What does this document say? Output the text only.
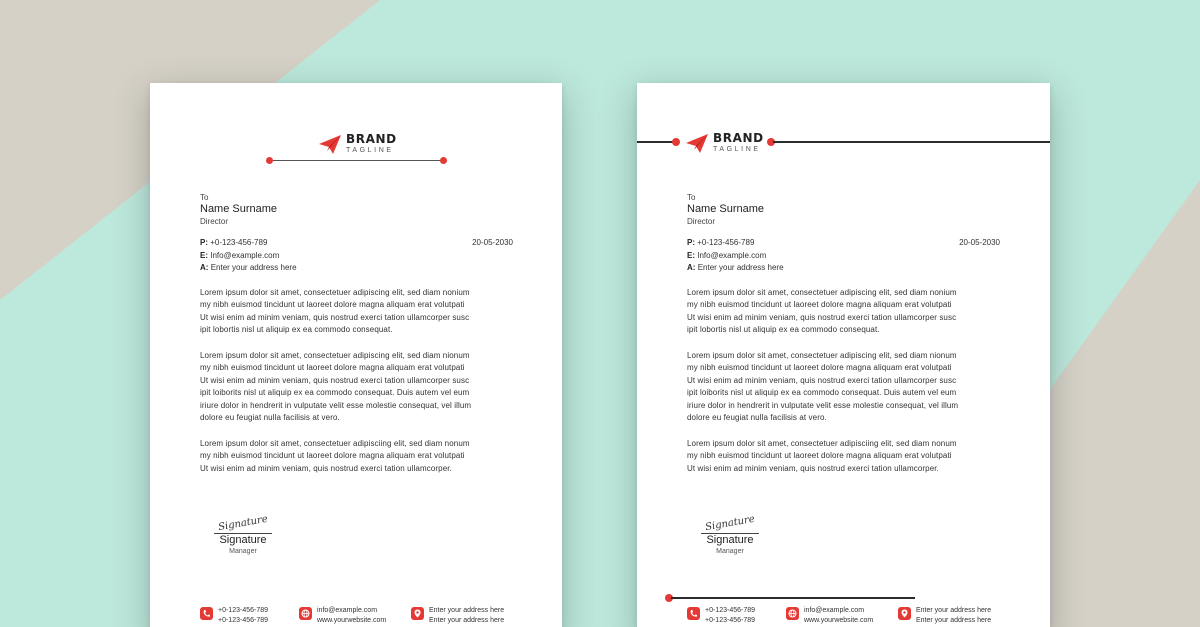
BRAND
TAGLINE
To
Name Surname
Director
P: +0-123-456-789
E: Info@example.com
A: Enter your address here
20-05-2030
Lorem ipsum dolor sit amet, consectetuer adipiscing elit, sed diam nonium
my nibh euismod tincidunt ut laoreet dolore magna aliquam erat volutpati
Ut wisi enim ad minim veniam, quis nostrud exerci tation ullamcorper susc
ipit lobortis nisl ut aliquip ex ea commodo consequat.
Lorem ipsum dolor sit amet, consectetuer adipiscing elit, sed diam nionum
my nibh euismod tincidunt ut laoreet dolore magna aliquam erat volutpati
Ut wisi enim ad minim veniam, quis nostrud exerci tation ullamcorper susc
ipit loiborits nisl ut aliquip ex ea commodo consequat. Duis autem vel eum
iriure dolor in hendrerit in vulputate velit esse molestie consequat, vel illum
dolore eu feugiat nulla facilisis at vero.
Lorem ipsum dolor sit amet, consectetuer adipisciing elit, sed diam nonum
my nibh euismod tincidunt ut laoreet dolore magna aliquam erat volutpati
Ut wisi enim ad minim veniam, quis nostrud exerci tation ullamcorper.
Signature
Signature
Manager
+0-123-456-789
+0-123-456-789
info@example.com
www.yourwebsite.com
Enter your address here
Enter your address here
BRAND
TAGLINE
To
Name Surname
Director
P: +0-123-456-789
E: Info@example.com
A: Enter your address here
20-05-2030
Lorem ipsum dolor sit amet, consectetuer adipiscing elit, sed diam nonium
my nibh euismod tincidunt ut laoreet dolore magna aliquam erat volutpati
Ut wisi enim ad minim veniam, quis nostrud exerci tation ullamcorper susc
ipit lobortis nisl ut aliquip ex ea commodo consequat.
Lorem ipsum dolor sit amet, consectetuer adipiscing elit, sed diam nionum
my nibh euismod tincidunt ut laoreet dolore magna aliquam erat volutpati
Ut wisi enim ad minim veniam, quis nostrud exerci tation ullamcorper susc
ipit loiborits nisl ut aliquip ex ea commodo consequat. Duis autem vel eum
iriure dolor in hendrerit in vulputate velit esse molestie consequat, vel illum
dolore eu feugiat nulla facilisis at vero.
Lorem ipsum dolor sit amet, consectetuer adipisciing elit, sed diam nonum
my nibh euismod tincidunt ut laoreet dolore magna aliquam erat volutpati
Ut wisi enim ad minim veniam, quis nostrud exerci tation ullamcorper.
Signature
Signature
Manager
+0-123-456-789
+0-123-456-789
info@example.com
www.yourwebsite.com
Enter your address here
Enter your address here
